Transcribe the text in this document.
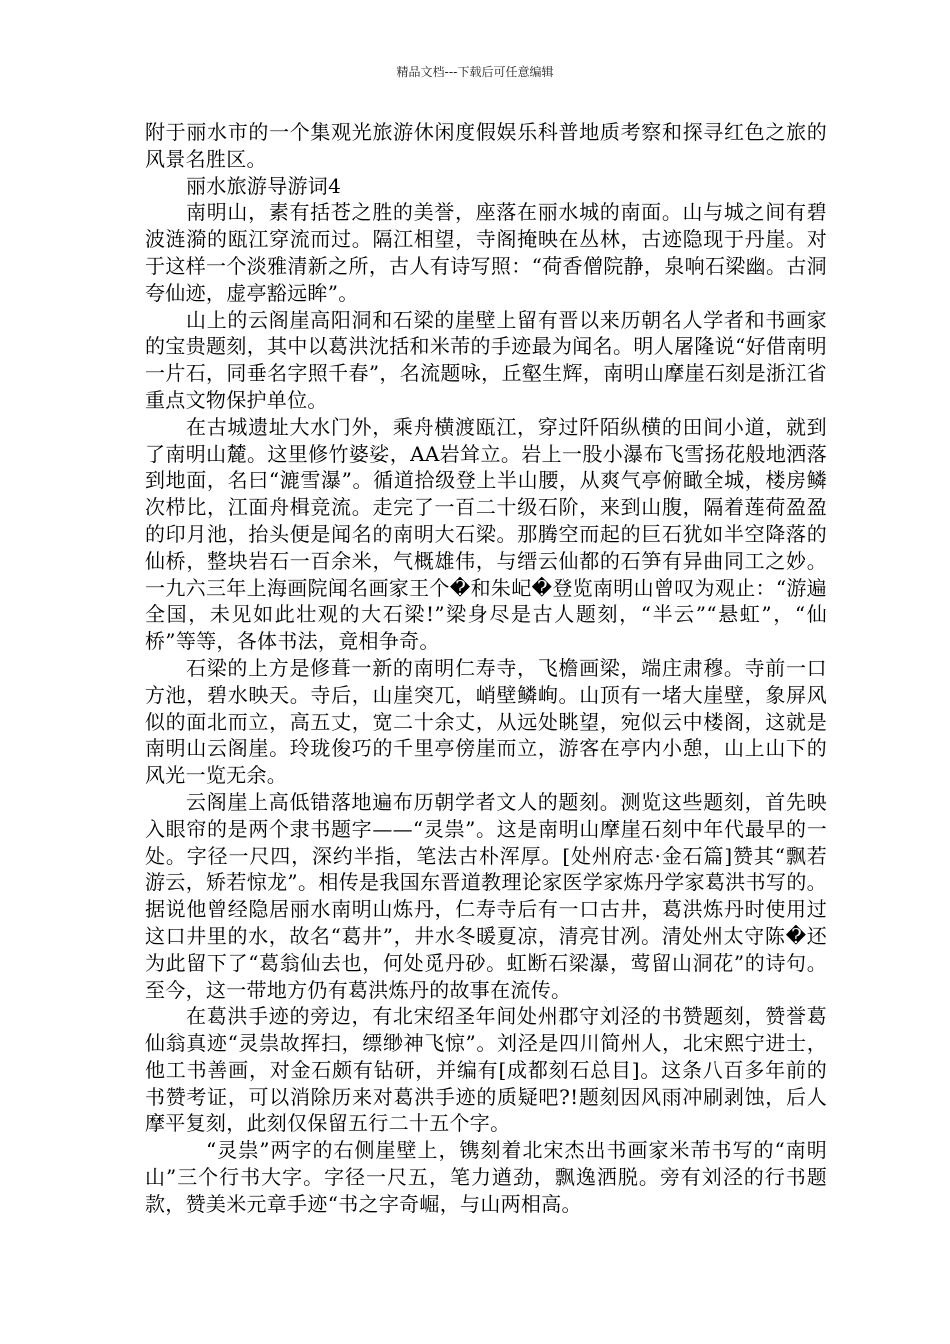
精品文档---下载后可任意编辑

附于丽水市的一个集观光旅游休闲度假娱乐科普地质考察和探寻红色之旅的风景名胜区。

丽水旅游导游词4

南明山，素有括苍之胜的美誉，座落在丽水城的南面。山与城之间有碧波涟漪的瓯江穿流而过。隔江相望，寺阁掩映在丛林，古迹隐现于丹崖。对于这样一个淡雅清新之所，古人有诗写照：“荷香僧院静，泉响石梁幽。古洞夸仙迹，虚亭豁远眸”。

山上的云阁崖高阳洞和石梁的崖壁上留有晋以来历朝名人学者和书画家的宝贵题刻，其中以葛洪沈括和米芾的手迹最为闻名。明人屠隆说“好借南明一片石，同垂名字照千春”，名流题咏，丘壑生辉，南明山摩崖石刻是浙江省重点文物保护单位。

在古城遗址大水门外，乘舟横渡瓯江，穿过阡陌纵横的田间小道，就到了南明山麓。这里修竹婆娑，AA岩耸立。岩上一股小瀑布飞雪扬花般地洒落到地面，名曰“漉雪瀑”。循道拾级登上半山腰，从爽气亭俯瞰全城，楼房鳞次栉比，江面舟楫竞流。走完了一百二十级石阶，来到山腹，隔着莲荷盈盈的印月池，抬头便是闻名的南明大石梁。那腾空而起的巨石犹如半空降落的仙桥，整块岩石一百余米，气概雄伟，与缙云仙都的石笋有异曲同工之妙。一九六三年上海画院闻名画家王个�和朱屺�登览南明山曾叹为观止：“游遍全国，未见如此壮观的大石梁!”梁身尽是古人题刻，“半云”“悬虹”，“仙桥”等等，各体书法，竟相争奇。

石梁的上方是修葺一新的南明仁寿寺，飞檐画梁，端庄肃穆。寺前一口方池，碧水映天。寺后，山崖突兀，峭壁鳞峋。山顶有一堵大崖壁，象屏风似的面北而立，高五丈，宽二十余丈，从远处眺望，宛似云中楼阁，这就是南明山云阁崖。玲珑俊巧的千里亭傍崖而立，游客在亭内小憩，山上山下的风光一览无余。

云阁崖上高低错落地遍布历朝学者文人的题刻。测览这些题刻，首先映入眼帘的是两个隶书题字——“灵祟”。这是南明山摩崖石刻中年代最早的一处。字径一尺四，深约半指，笔法古朴浑厚。[处州府志·金石篇]赞其“飘若游云，矫若惊龙”。相传是我国东晋道教理论家医学家炼丹学家葛洪书写的。据说他曾经隐居丽水南明山炼丹，仁寿寺后有一口古井，葛洪炼丹时使用过这口井里的水，故名“葛井”，井水冬暖夏凉，清亮甘冽。清处州太守陈�还为此留下了“葛翁仙去也，何处觅丹砂。虹断石梁瀑，莺留山洞花”的诗句。至今，这一带地方仍有葛洪炼丹的故事在流传。

在葛洪手迹的旁边，有北宋绍圣年间处州郡守刘泾的书赞题刻，赞誉葛仙翁真迹“灵祟故挥扫，缥缈神飞惊”。刘泾是四川简州人，北宋熙宁进士，他工书善画，对金石颇有钻研，并编有[成都刻石总目]。这条八百多年前的书赞考证，可以消除历来对葛洪手迹的质疑吧?!题刻因风雨冲刷剥蚀，后人摩平复刻，此刻仅保留五行二十五个字。

“灵祟”两字的右侧崖壁上，镌刻着北宋杰出书画家米芾书写的“南明山”三个行书大字。字径一尺五，笔力遒劲，飘逸洒脱。旁有刘泾的行书题款，赞美米元章手迹“书之字奇崛，与山两相高。
